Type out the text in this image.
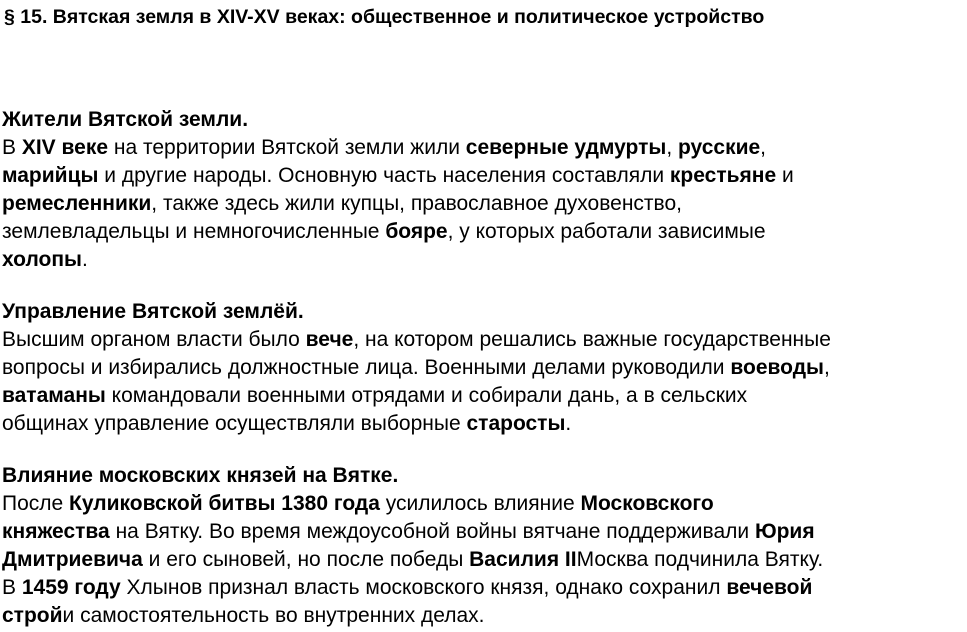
§ 15. Вятская земля в XIV-XV веках: общественное и политическое устройство
Жители Вятской земли.

В XIV веке на территории Вятской земли жили северные удмурты, русские,
марийцы и другие народы. Основную часть населения составляли крестьяне и
ремесленники, также здесь жили купцы, православное духовенство,
землевладельцы и немногочисленные бояре, у которых работали зависимые
холопы.

Управление Вятской землёй.

Высшим органом власти было вече, на котором решались важные государственные
вопросы и избирались должностные лица. Военными делами руководили воеводы,
ватаманы командовали военными отрядами и собирали дань, а в сельских
общинах управление осуществляли выборные старосты.

Влияние московских князей на Вятке.

После Куликовской битвы 1380 года усилилось влияние Московского
княжества на Вятку. Во время междоусобной войны вятчане поддерживали Юрия
Дмитриевича и его сыновей, но после победы Василия IIМосква подчинила Вятку.
В 1459 году Хлынов признал власть московского князя, однако сохранил вечевой
стройи самостоятельность во внутренних делах.
